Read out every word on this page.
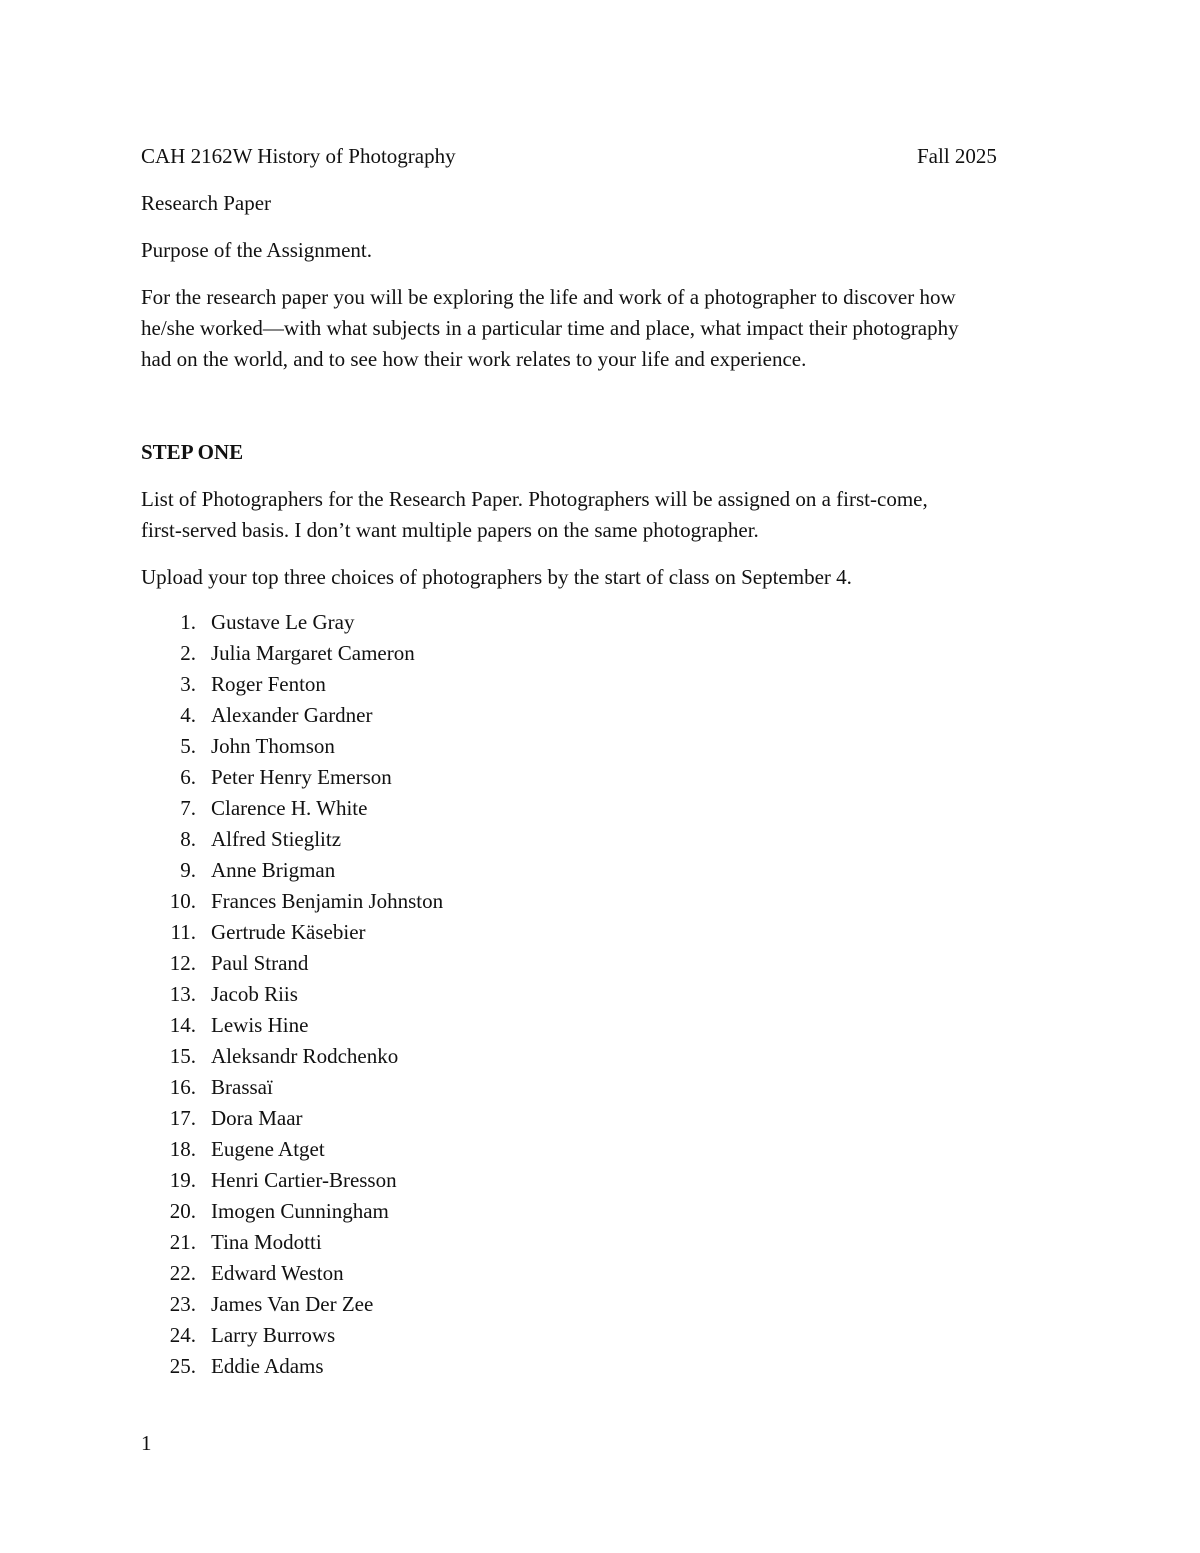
CAH 2162W History of Photography	Fall 2025
Research Paper
Purpose of the Assignment.
For the research paper you will be exploring the life and work of a photographer to discover how
he/she worked—with what subjects in a particular time and place, what impact their photography
had on the world, and to see how their work relates to your life and experience.
STEP ONE
List of Photographers for the Research Paper. Photographers will be assigned on a first-come,
first-served basis. I don’t want multiple papers on the same photographer.
Upload your top three choices of photographers by the start of class on September 4.
1. Gustave Le Gray
2. Julia Margaret Cameron
3. Roger Fenton
4. Alexander Gardner
5. John Thomson
6. Peter Henry Emerson
7. Clarence H. White
8. Alfred Stieglitz
9. Anne Brigman
10. Frances Benjamin Johnston
11. Gertrude Käsebier
12. Paul Strand
13. Jacob Riis
14. Lewis Hine
15. Aleksandr Rodchenko
16. Brassaï
17. Dora Maar
18. Eugene Atget
19. Henri Cartier-Bresson
20. Imogen Cunningham
21. Tina Modotti
22. Edward Weston
23. James Van Der Zee
24. Larry Burrows
25. Eddie Adams
1
